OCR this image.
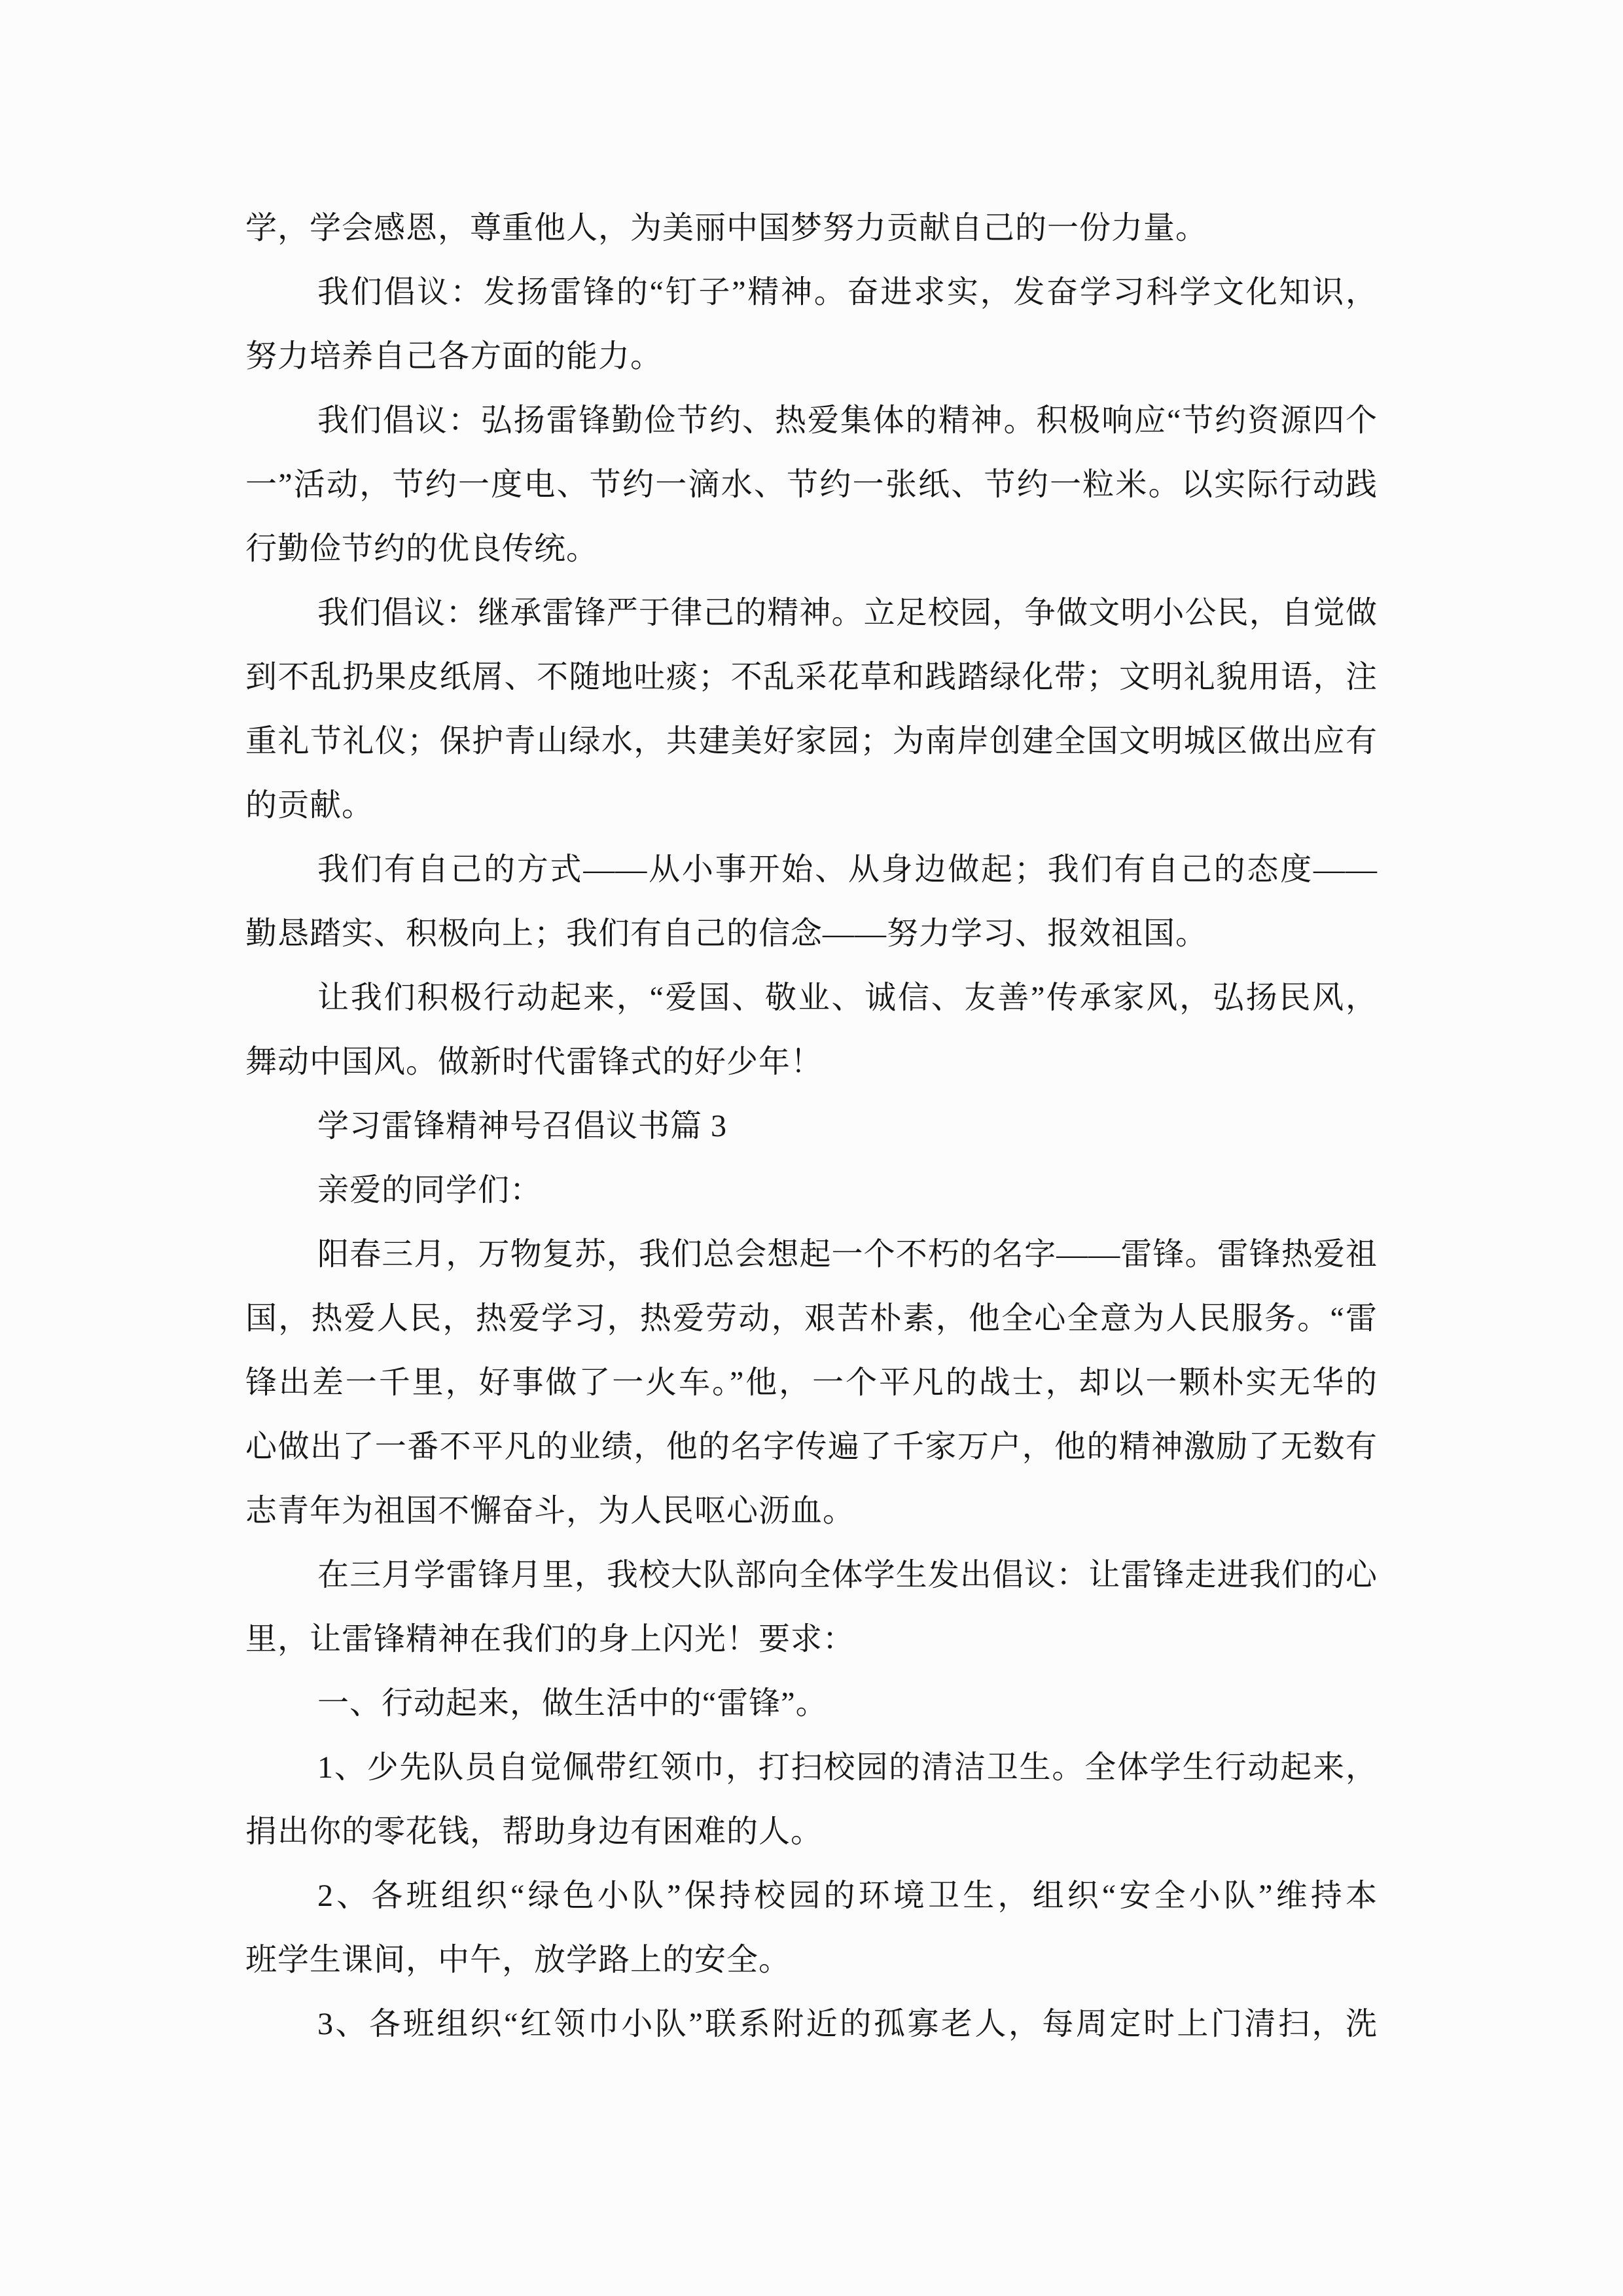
学，学会感恩，尊重他人，为美丽中国梦努力贡献自己的一份力量。
我们倡议：发扬雷锋的“钉子”精神。奋进求实，发奋学习科学文化知识，
努力培养自己各方面的能力。
我们倡议：弘扬雷锋勤俭节约、热爱集体的精神。积极响应“节约资源四个
一”活动，节约一度电、节约一滴水、节约一张纸、节约一粒米。以实际行动践
行勤俭节约的优良传统。
我们倡议：继承雷锋严于律己的精神。立足校园，争做文明小公民，自觉做
到不乱扔果皮纸屑、不随地吐痰；不乱采花草和践踏绿化带；文明礼貌用语，注
重礼节礼仪；保护青山绿水，共建美好家园；为南岸创建全国文明城区做出应有
的贡献。
我们有自己的方式——从小事开始、从身边做起；我们有自己的态度——
勤恳踏实、积极向上；我们有自己的信念——努力学习、报效祖国。
让我们积极行动起来，“爱国、敬业、诚信、友善”传承家风，弘扬民风，
舞动中国风。做新时代雷锋式的好少年！
学习雷锋精神号召倡议书篇 3
亲爱的同学们：
阳春三月，万物复苏，我们总会想起一个不朽的名字——雷锋。雷锋热爱祖
国，热爱人民，热爱学习，热爱劳动，艰苦朴素，他全心全意为人民服务。“雷
锋出差一千里，好事做了一火车。”他，一个平凡的战士，却以一颗朴实无华的
心做出了一番不平凡的业绩，他的名字传遍了千家万户，他的精神激励了无数有
志青年为祖国不懈奋斗，为人民呕心沥血。
在三月学雷锋月里，我校大队部向全体学生发出倡议：让雷锋走进我们的心
里，让雷锋精神在我们的身上闪光！要求：
一、行动起来，做生活中的“雷锋”。
1、少先队员自觉佩带红领巾，打扫校园的清洁卫生。全体学生行动起来，
捐出你的零花钱，帮助身边有困难的人。
2、各班组织“绿色小队”保持校园的环境卫生，组织“安全小队”维持本
班学生课间，中午，放学路上的安全。
3、各班组织“红领巾小队”联系附近的孤寡老人，每周定时上门清扫，洗
